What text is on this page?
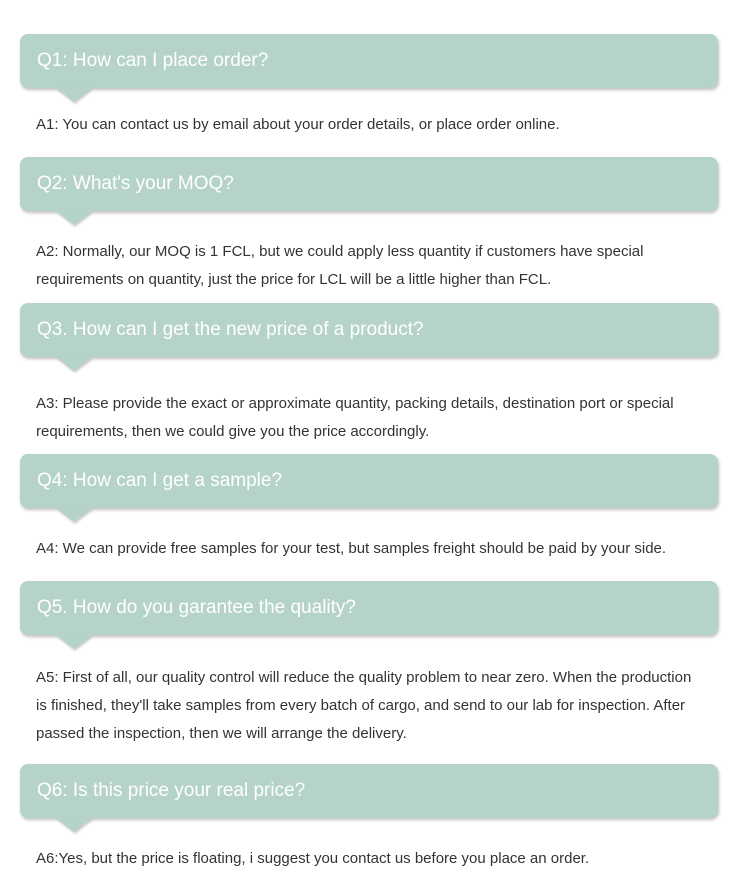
Q1: How can I place order?
A1: You can contact us by email about your order details, or place order online.
Q2: What's your MOQ?
A2: Normally, our MOQ is 1 FCL, but we could apply less quantity if customers have special
requirements on quantity, just the price for LCL will be a little higher than FCL.
Q3. How can I get the new price of a product?
A3: Please provide the exact or approximate quantity, packing details, destination port or special
requirements, then we could give you the price accordingly.
Q4: How can I get a sample?
A4: We can provide free samples for your test, but samples freight should be paid by your side.
Q5. How do you garantee the quality?
A5: First of all, our quality control will reduce the quality problem to near zero. When the production
is finished, they'll take samples from every batch of cargo, and send to our lab for inspection. After
passed the inspection, then we will arrange the delivery.
Q6: Is this price your real price?
A6:Yes, but the price is floating, i suggest you contact us before you place an order.
